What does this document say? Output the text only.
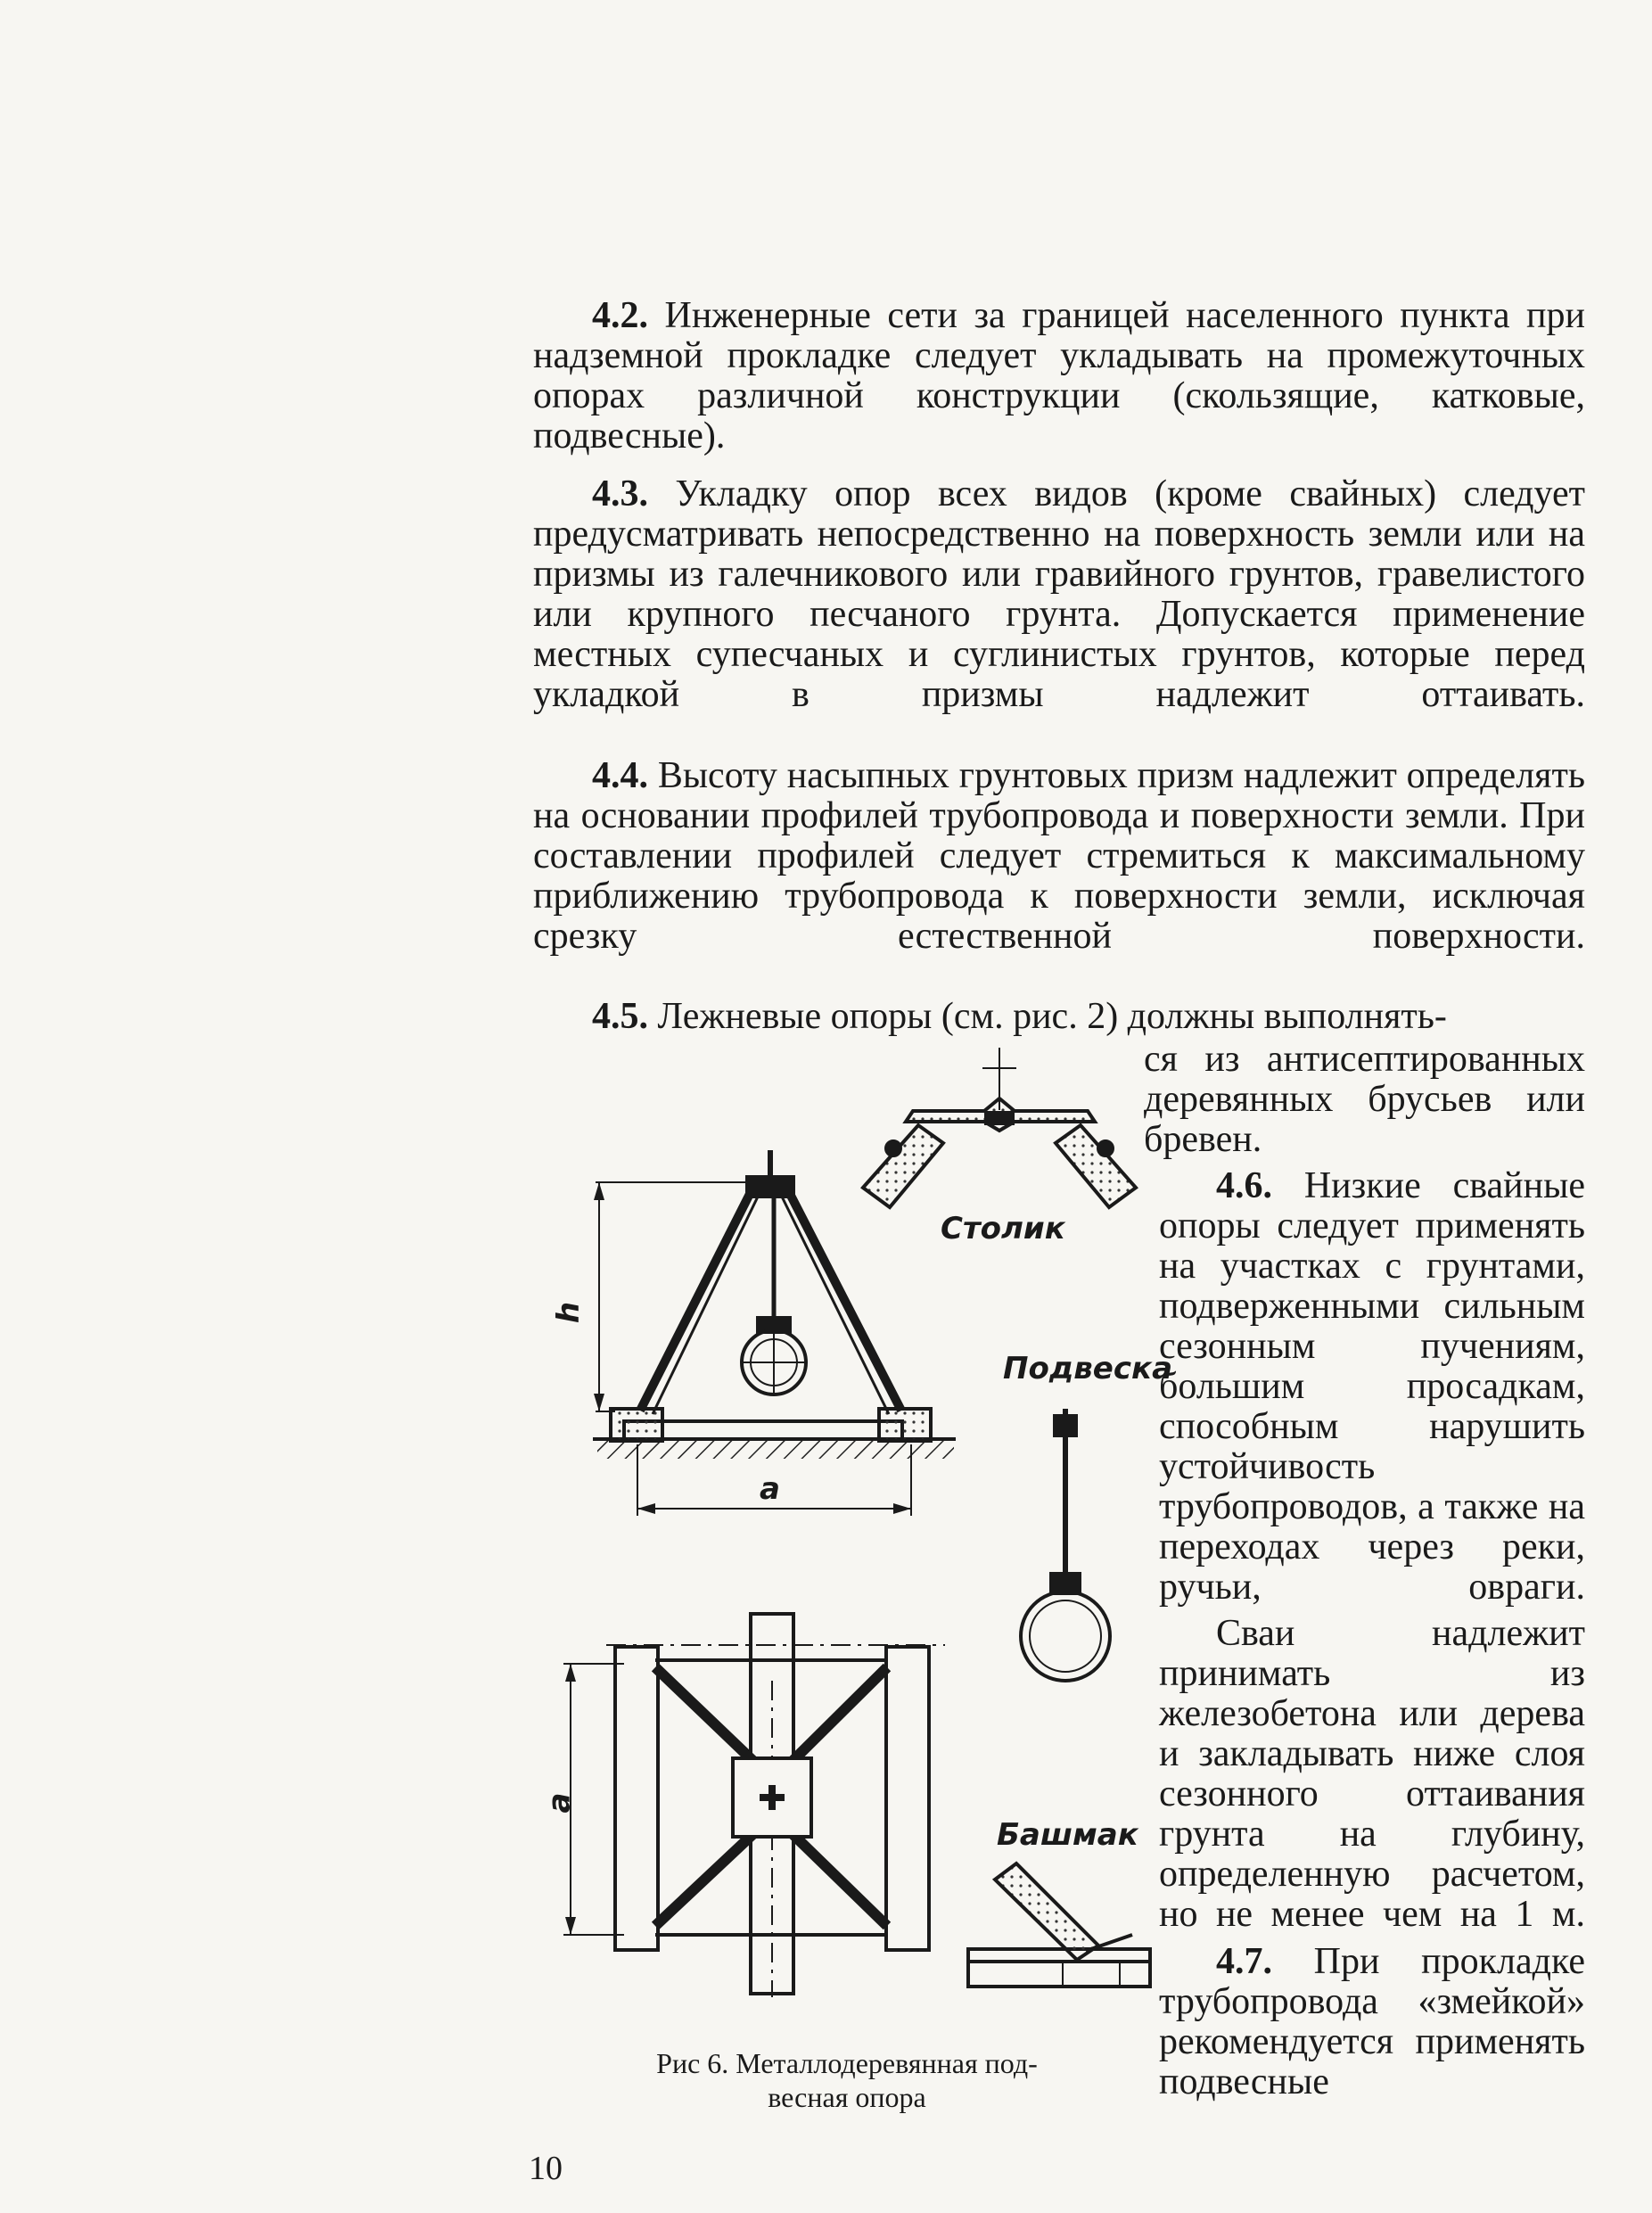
4.2. Инженерные сети за границей населенного пункта при надземной прокладке следует укладывать на промежуточных опорах различной конструкции (скользящие, катковые, подвесные).

4.3. Укладку опор всех видов (кроме свайных) следует предусматривать непосредственно на поверхность земли или на призмы из галечникового или гравийного грунтов, гравелистого или крупного песчаного грунта. Допускается применение местных супесчаных и суглинистых грунтов, которые перед укладкой в призмы надлежит оттаивать.

4.4. Высоту насыпных грунтовых призм надлежит определять на основании профилей трубопровода и поверхности земли. При составлении профилей следует стремиться к максимальному приближению трубопровода к поверхности земли, исключая срезку естественной поверхности.

4.5. Лежневые опоры (см. рис. 2) должны выполнять-

ся из антисептированных деревянных брусьев или бревен.

4.6. Низкие свайные опоры следует применять на участках с грунтами, подверженными сильным сезонным пучениям, большим просадкам, способным нарушить устойчивость трубопроводов, а также на переходах через реки, ручьи, овраги.

Сваи надлежит принимать из железобетона или дерева и закладывать ниже слоя сезонного оттаивания грунта на глубину, определенную расчетом, но не менее чем на 1 м.

4.7. При прокладке трубопровода «змейкой» рекомендуется применять подвесные

Столик
Подвеска
Башмак
h
a
a
Рис 6. Металлодеревянная под-
весная опора
10
